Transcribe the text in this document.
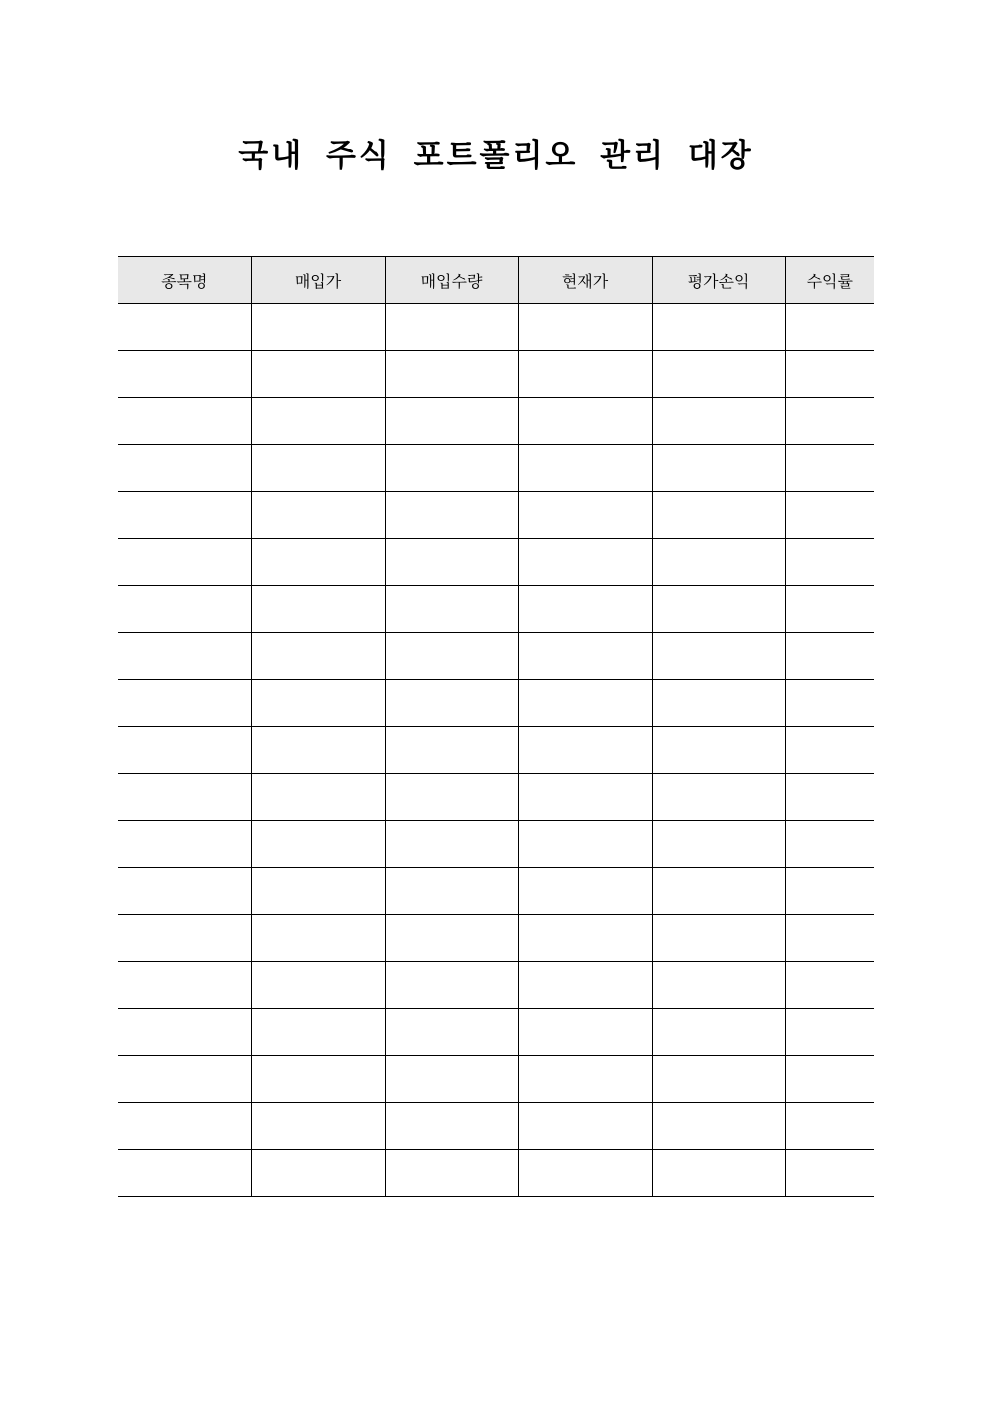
국내 주식 포트폴리오 관리 대장
종목명	매입가	매입수량	현재가	평가손익	수익률
